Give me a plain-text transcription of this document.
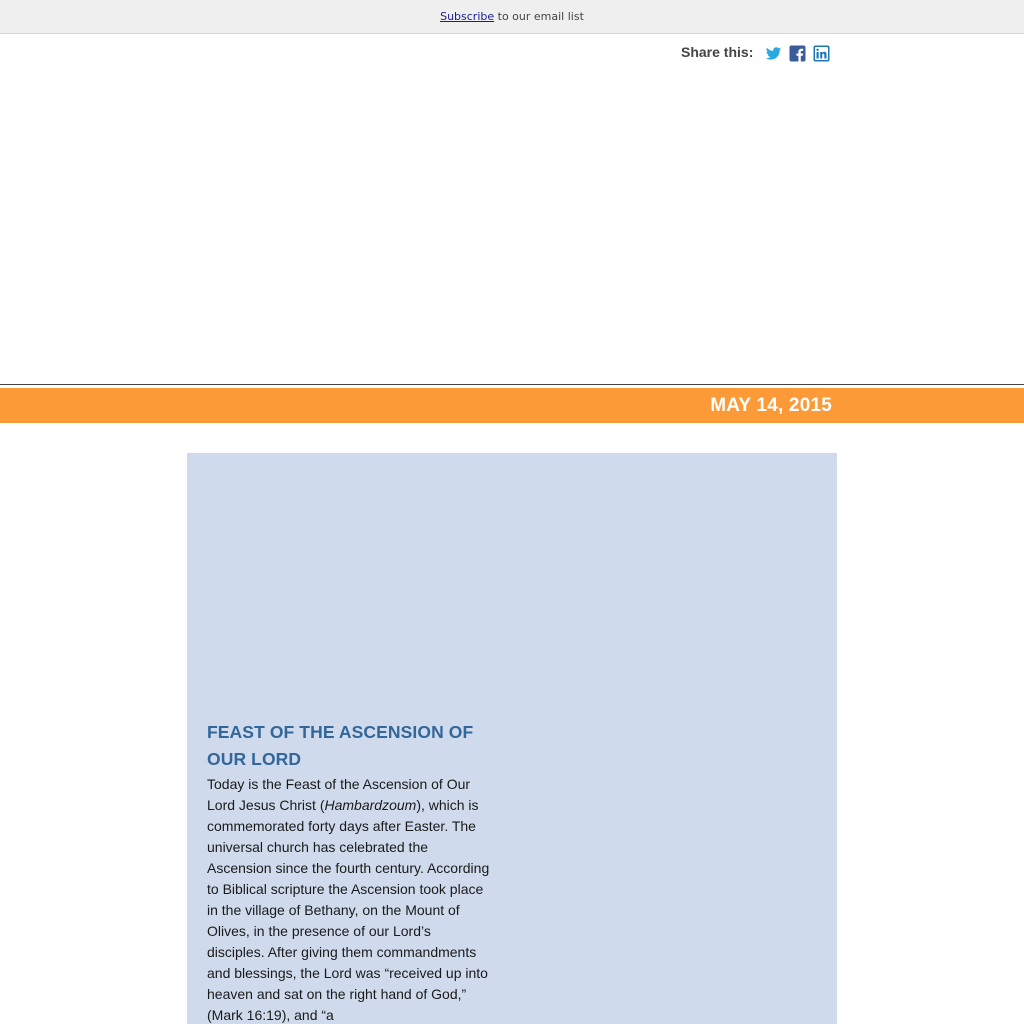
Subscribe to our email list
Share this:
MAY 14, 2015
FEAST OF THE ASCENSION OF OUR LORD

Today is the Feast of the Ascension of Our Lord Jesus Christ (Hambardzoum), which is commemorated forty days after Easter. The universal church has celebrated the Ascension since the fourth century. According to Biblical scripture the Ascension took place in the village of Bethany, on the Mount of Olives, in the presence of our Lord’s disciples. After giving them commandments and blessings, the Lord was “received up into heaven and sat on the right hand of God,” (Mark 16:19), and “a
